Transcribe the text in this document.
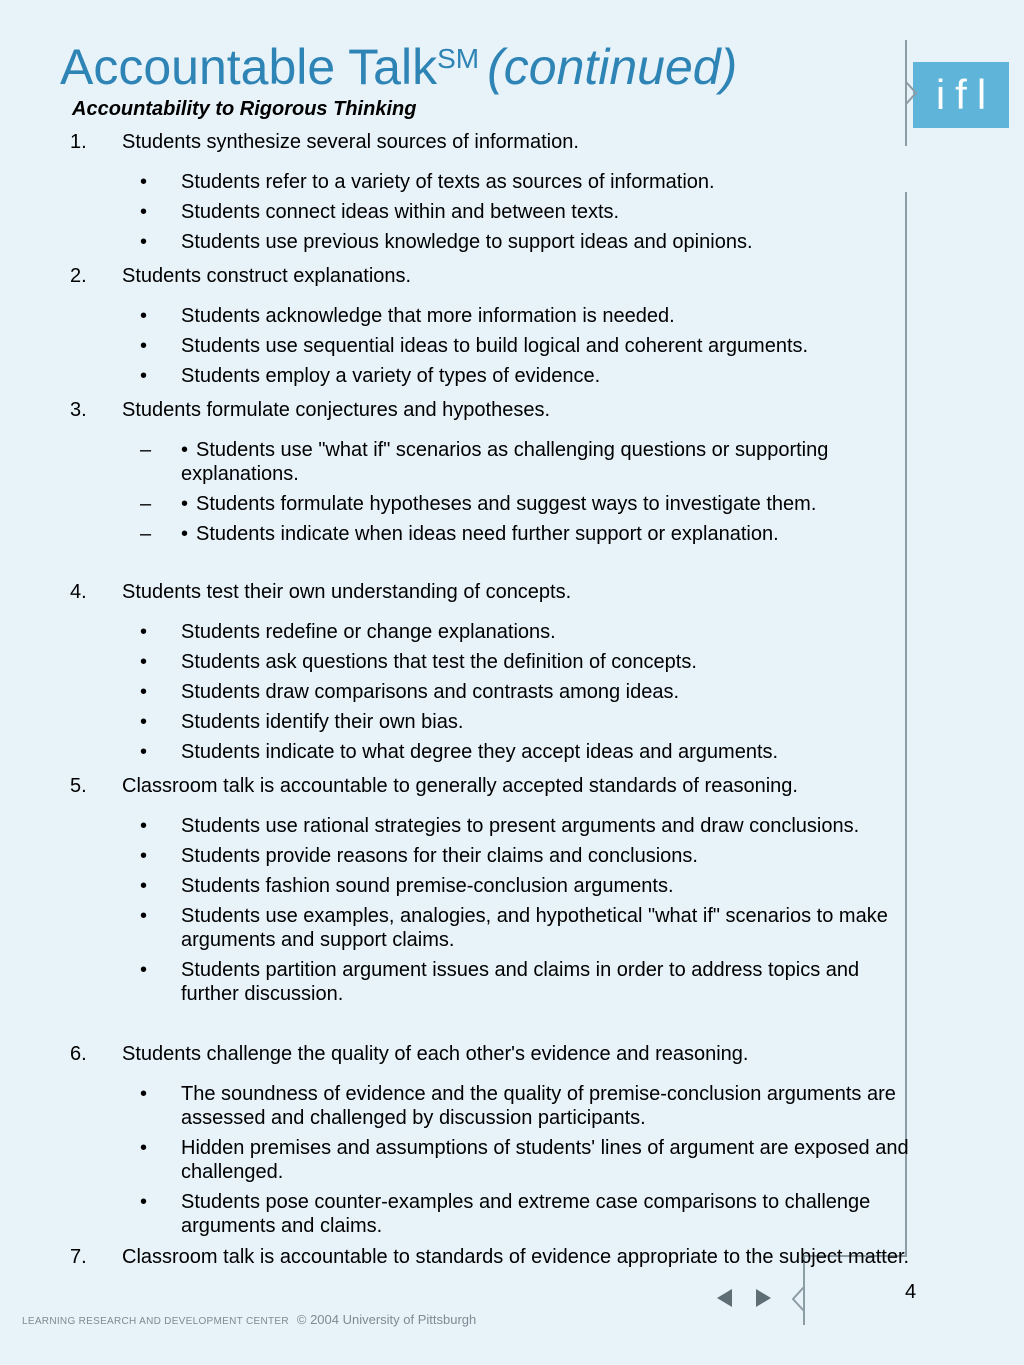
Accountable Talk℠ (continued)
Accountability to Rigorous Thinking	ifl
1. Students synthesize several sources of information.
• Students refer to a variety of texts as sources of information.
• Students connect ideas within and between texts.
• Students use previous knowledge to support ideas and opinions.
2. Students construct explanations.
• Students acknowledge that more information is needed.
• Students use sequential ideas to build logical and coherent arguments.
• Students employ a variety of types of evidence.
3. Students formulate conjectures and hypotheses.
– • Students use "what if" scenarios as challenging questions or supporting explanations.
– • Students formulate hypotheses and suggest ways to investigate them.
– • Students indicate when ideas need further support or explanation.
4. Students test their own understanding of concepts.
• Students redefine or change explanations.
• Students ask questions that test the definition of concepts.
• Students draw comparisons and contrasts among ideas.
• Students identify their own bias.
• Students indicate to what degree they accept ideas and arguments.
5. Classroom talk is accountable to generally accepted standards of reasoning.
• Students use rational strategies to present arguments and draw conclusions.
• Students provide reasons for their claims and conclusions.
• Students fashion sound premise-conclusion arguments.
• Students use examples, analogies, and hypothetical "what if" scenarios to make arguments and support claims.
• Students partition argument issues and claims in order to address topics and further discussion.
6. Students challenge the quality of each other's evidence and reasoning.
• The soundness of evidence and the quality of premise-conclusion arguments are assessed and challenged by discussion participants.
• Hidden premises and assumptions of students' lines of argument are exposed and challenged.
• Students pose counter-examples and extreme case comparisons to challenge arguments and claims.
7. Classroom talk is accountable to standards of evidence appropriate to the subject matter.
4
LEARNING RESEARCH AND DEVELOPMENT CENTER © 2004 University of Pittsburgh
